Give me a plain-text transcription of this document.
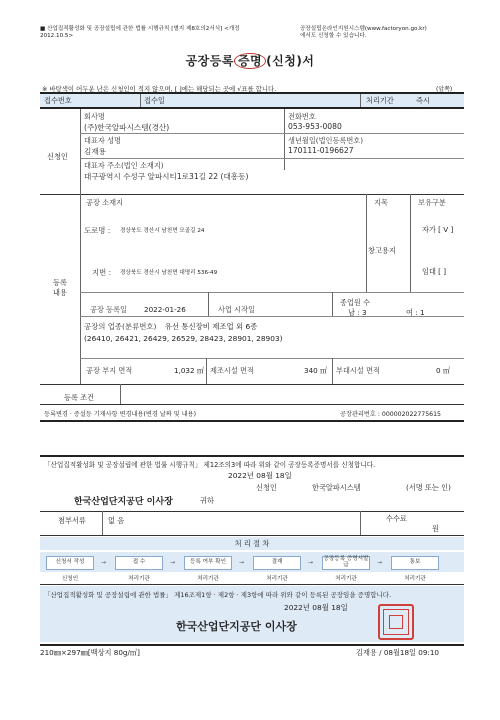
■ 산업집적활성화 및 공장설립에 관한 법률 시행규칙 [별지 제8호의2서식] <개정
2012.10.5>
공장설립온라인지원시스템(www.factoryon.go.kr)
에서도 신청할 수 있습니다.
공장등록 증명 (신청)서
※ 바탕색이 어두운 난은 신청인이 적지 않으며, [ ]에는 해당되는 곳에 √표를 합니다.	(앞쪽)
접수번호	접수일	처리기간	즉시
신청인
회사명
(주)한국알파시스템(경산)
전화번호
053-953-0080
대표자 성명
김재용
생년월일(법인등록번호)
170111-0196627
대표자 주소(법인 소재지)
대구광역시 수성구 알파시티1로31길 22 (대흥동)
등록
내용
공장 소재지
도로명 : 경상북도 경산시 남천면 모골길 24
지번 : 경상북도 경산시 남천면 대명리 536-49
지목
창고용지
보유구분
자가 [ V ]
임대 [ ]
공장 등록일 2022-01-26	사업 시작일
종업원 수
남 : 3	여 : 1
공장의 업종(분류번호) 유선 통신장비 제조업 외 6종
(26410, 26421, 26429, 26529, 28423, 28901, 28903)
공장 부지 면적	1,032 ㎡ 제조시설 면적	340 ㎡ 부대시설 면적	0 ㎡
등록 조건
등록변경 · 증설등 기재사항 변경내용(변경 날짜 및 내용)	공장관리번호 : 000002022775615
「산업집적활성화 및 공장설립에 관한 법률 시행규칙」 제12조의3에 따라 위와 같이 공장등록증명서를 신청합니다.
2022년 08월 18일
신청인	한국알파시스템	(서명 또는 인)
한국산업단지공단 이사장	귀하
첨부서류	없 음	수수료
원
처 리 절 차
신청서 작성
신청인
→	접 수
처리기관
→	등록 여부 확인
처리기관
→	결재
처리기관
→ 공장등록 증명서발급
처리기관
→	통보
처리기관
「산업집적활성화 및 공장설립에 관한 법률」 제16조제1항 · 제2항 · 제3항에 따라 위와 같이 등록된 공장임을 증명합니다.
2022년 08월 18일
한국산업단지공단 이사장
210㎜×297㎜[백상지 80g/㎡]	김재용 / 08월18일 09:10
